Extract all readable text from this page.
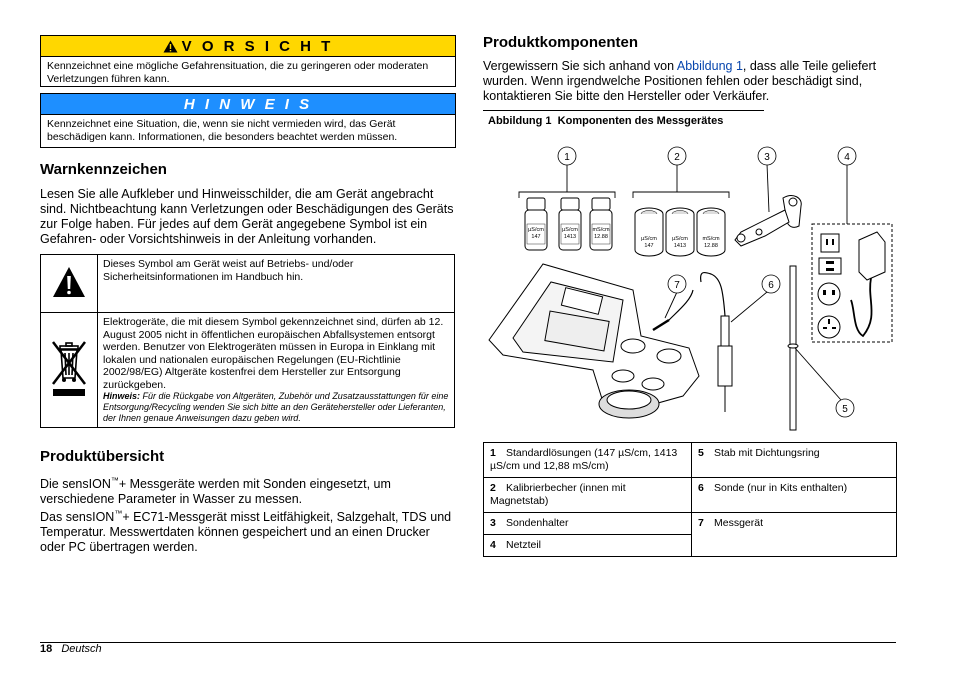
V O R S I C H T
Kennzeichnet eine mögliche Gefahrensituation, die zu geringeren oder moderaten Verletzungen führen kann.
H I N W E I S
Kennzeichnet eine Situation, die, wenn sie nicht vermieden wird, das Gerät beschädigen kann. Informationen, die besonders beachtet werden müssen.
Warnkennzeichen

Lesen Sie alle Aufkleber und Hinweisschilder, die am Gerät angebracht sind. Nichtbeachtung kann Verletzungen oder Beschädigungen des Geräts zur Folge haben. Für jedes auf dem Gerät angegebene Symbol ist ein Gefahren- oder Vorsichtshinweis in der Anleitung vorhanden.

	Dieses Symbol am Gerät weist auf Betriebs- und/oder Sicherheitsinformationen im Handbuch hin.

Elektrogeräte, die mit diesem Symbol gekennzeichnet sind, dürfen ab 12. August 2005 nicht in öffentlichen europäischen Abfallsystemen entsorgt werden. Benutzer von Elektrogeräten müssen in Europa in Einklang mit lokalen und nationalen europäischen Regelungen (EU-Richtlinie 2002/98/EG) Altgeräte kostenfrei dem Hersteller zur Entsorgung zurückgeben.
Hinweis: Für die Rückgabe von Altgeräten, Zubehör und Zusatzausstattungen für eine Entsorgung/Recycling wenden Sie sich bitte an den Gerätehersteller oder Lieferanten, der Ihnen genaue Anweisungen dazu geben wird.
Produktübersicht

Die sensION™+ Messgeräte werden mit Sonden eingesetzt, um verschiedene Parameter in Wasser zu messen.

Das sensION™+ EC71-Messgerät misst Leitfähigkeit, Salzgehalt, TDS und Temperatur. Messwertdaten können gespeichert und an einen Drucker oder PC übertragen werden.

Produktkomponenten

Vergewissern Sie sich anhand von Abbildung 1, dass alle Teile geliefert wurden. Wenn irgendwelche Positionen fehlen oder beschädigt sind, kontaktieren Sie bitte den Hersteller oder Verkäufer.

Abbildung 1  Komponenten des Messgerätes
µS/cm
147
µS/cm
1413
mS/cm
12.88	µS/cm
147
µS/cm
1413
mS/cm
12.88
1	2	3	4
5
6
7
1 Standardlösungen (147 µS/cm, 1413 µS/cm und 12,88 mS/cm)	5 Stab mit Dichtungsring
2 Kalibrierbecher (innen mit Magnetstab)	6 Sonde (nur in Kits enthalten)
3 Sondenhalter	7 Messgerät
4 Netzteil	
18 Deutsch
